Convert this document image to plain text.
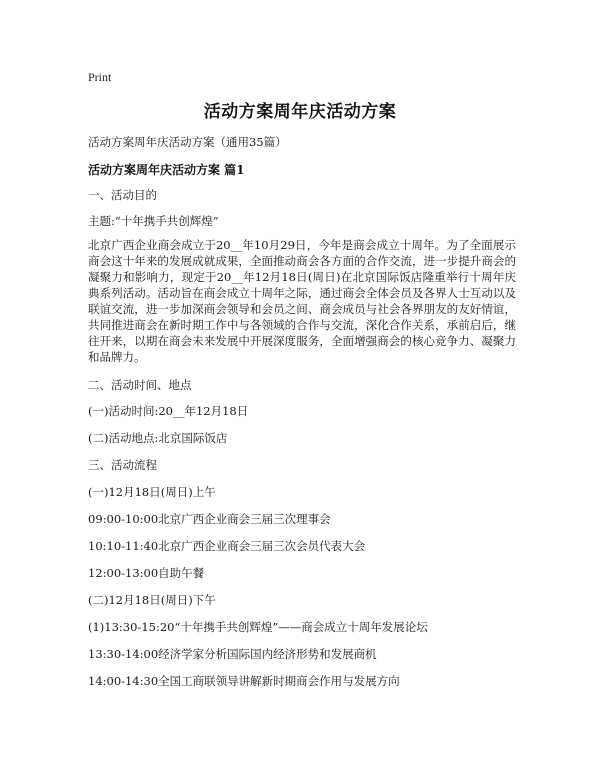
Print
活动方案周年庆活动方案
活动方案周年庆活动方案（通用35篇）
活动方案周年庆活动方案 篇1
一、活动目的
主题:“十年携手共创辉煌”
北京广西企业商会成立于20__年10月29日，今年是商会成立十周年。为了全面展示商会这十年来的发展成就成果，全面推动商会各方面的合作交流，进一步提升商会的凝聚力和影响力，现定于20__年12月18日(周日)在北京国际饭店隆重举行十周年庆典系列活动。活动旨在商会成立十周年之际，通过商会全体会员及各界人士互动以及联谊交流，进一步加深商会领导和会员之间、商会成员与社会各界朋友的友好情谊，共同推进商会在新时期工作中与各领域的合作与交流，深化合作关系，承前启后，继往开来，以期在商会未来发展中开展深度服务，全面增强商会的核心竞争力、凝聚力和品牌力。
二、活动时间、地点
(一)活动时间:20__年12月18日
(二)活动地点:北京国际饭店
三、活动流程
(一)12月18日(周日)上午
09:00-10:00北京广西企业商会三届三次理事会
10:10-11:40北京广西企业商会三届三次会员代表大会
12:00-13:00自助午餐
(二)12月18日(周日)下午
(1)13:30-15:20“十年携手共创辉煌”——商会成立十周年发展论坛
13:30-14:00经济学家分析国际国内经济形势和发展商机
14:00-14:30全国工商联领导讲解新时期商会作用与发展方向
